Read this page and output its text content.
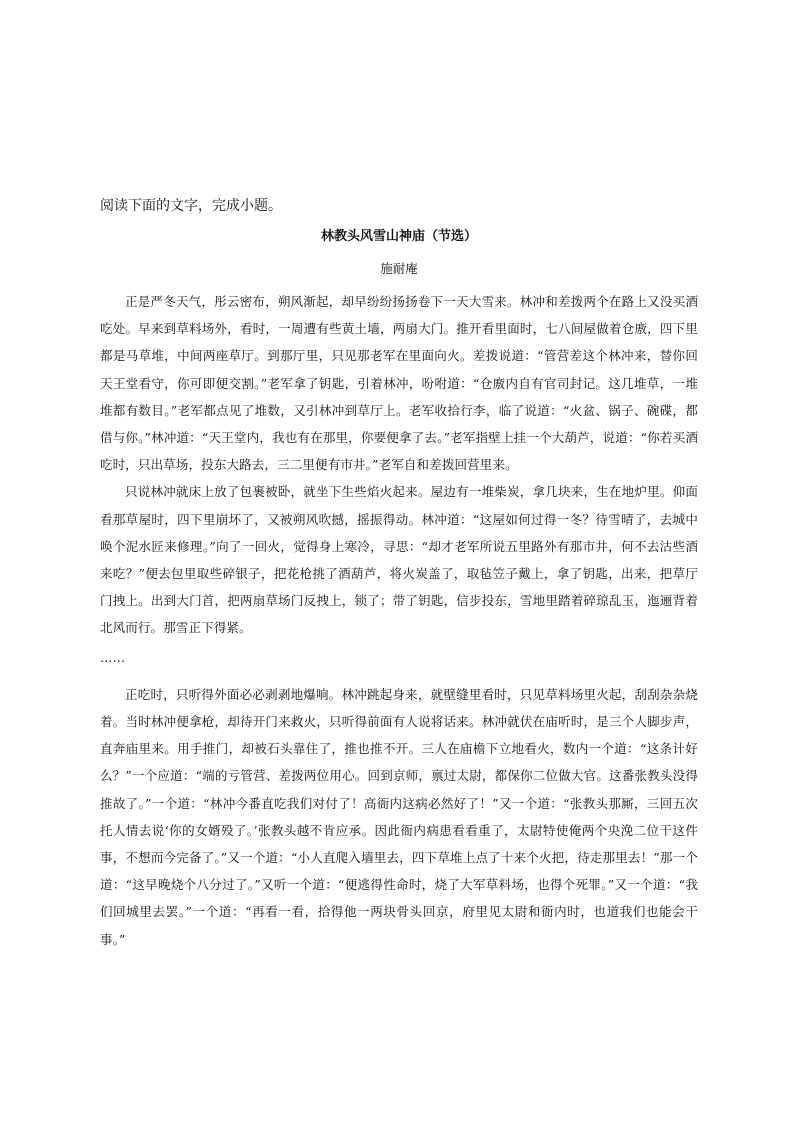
阅读下面的文字，完成小题。
林教头风雪山神庙（节选）
施耐庵

正是严冬天气，彤云密布，朔风渐起，却早纷纷扬扬卷下一天大雪来。林冲和差拨两个在路上又没买酒吃处。早来到草料场外，看时，一周遭有些黄土墙，两扇大门。推开看里面时，七八间屋做着仓廒，四下里都是马草堆，中间两座草厅。到那厅里，只见那老军在里面向火。差拨说道：“管营差这个林冲来，替你回天王堂看守，你可即便交割。”老军拿了钥匙，引着林冲，吩咐道：“仓廒内自有官司封记。这几堆草，一堆堆都有数目。”老军都点见了堆数，又引林冲到草厅上。老军收拾行李，临了说道：“火盆、锅子、碗碟，都借与你。”林冲道：“天王堂内，我也有在那里，你要便拿了去。”老军指壁上挂一个大葫芦，说道：“你若买酒吃时，只出草场，投东大路去，三二里便有市井。”老军自和差拨回营里来。

只说林冲就床上放了包裹被卧，就坐下生些焰火起来。屋边有一堆柴炭，拿几块来，生在地炉里。仰面看那草屋时，四下里崩坏了，又被朔风吹撼，摇振得动。林冲道：“这屋如何过得一冬？待雪晴了，去城中唤个泥水匠来修理。”向了一回火，觉得身上寒冷，寻思：“却才老军所说五里路外有那市井，何不去沽些酒来吃？”便去包里取些碎银子，把花枪挑了酒葫芦，将火炭盖了，取毡笠子戴上，拿了钥匙，出来，把草厅门拽上。出到大门首，把两扇草场门反拽上，锁了；带了钥匙，信步投东，雪地里踏着碎琼乱玉，迤逦背着北风而行。那雪正下得紧。

……

正吃时，只听得外面必必剥剥地爆响。林冲跳起身来，就壁缝里看时，只见草料场里火起，刮刮杂杂烧着。当时林冲便拿枪，却待开门来救火，只听得前面有人说将话来。林冲就伏在庙听时，是三个人脚步声，直奔庙里来。用手推门，却被石头靠住了，推也推不开。三人在庙檐下立地看火，数内一个道：“这条计好么？”一个应道：“端的亏管营、差拨两位用心。回到京师，禀过太尉，都保你二位做大官。这番张教头没得推故了。”一个道：“林冲今番直吃我们对付了！高衙内这病必然好了！”又一个道：“张教头那厮，三回五次托人情去说‘你的女婿殁了。’张教头越不肯应承。因此衙内病患看看重了，太尉特使俺两个央浼二位干这件事，不想而今完备了。”又一个道：“小人直爬入墙里去，四下草堆上点了十来个火把，待走那里去！”那一个道：“这早晚烧个八分过了。”又听一个道：“便逃得性命时，烧了大军草料场，也得个死罪。”又一个道：“我们回城里去罢。”一个道：“再看一看，拾得他一两块骨头回京，府里见太尉和衙内时，也道我们也能会干事。”
